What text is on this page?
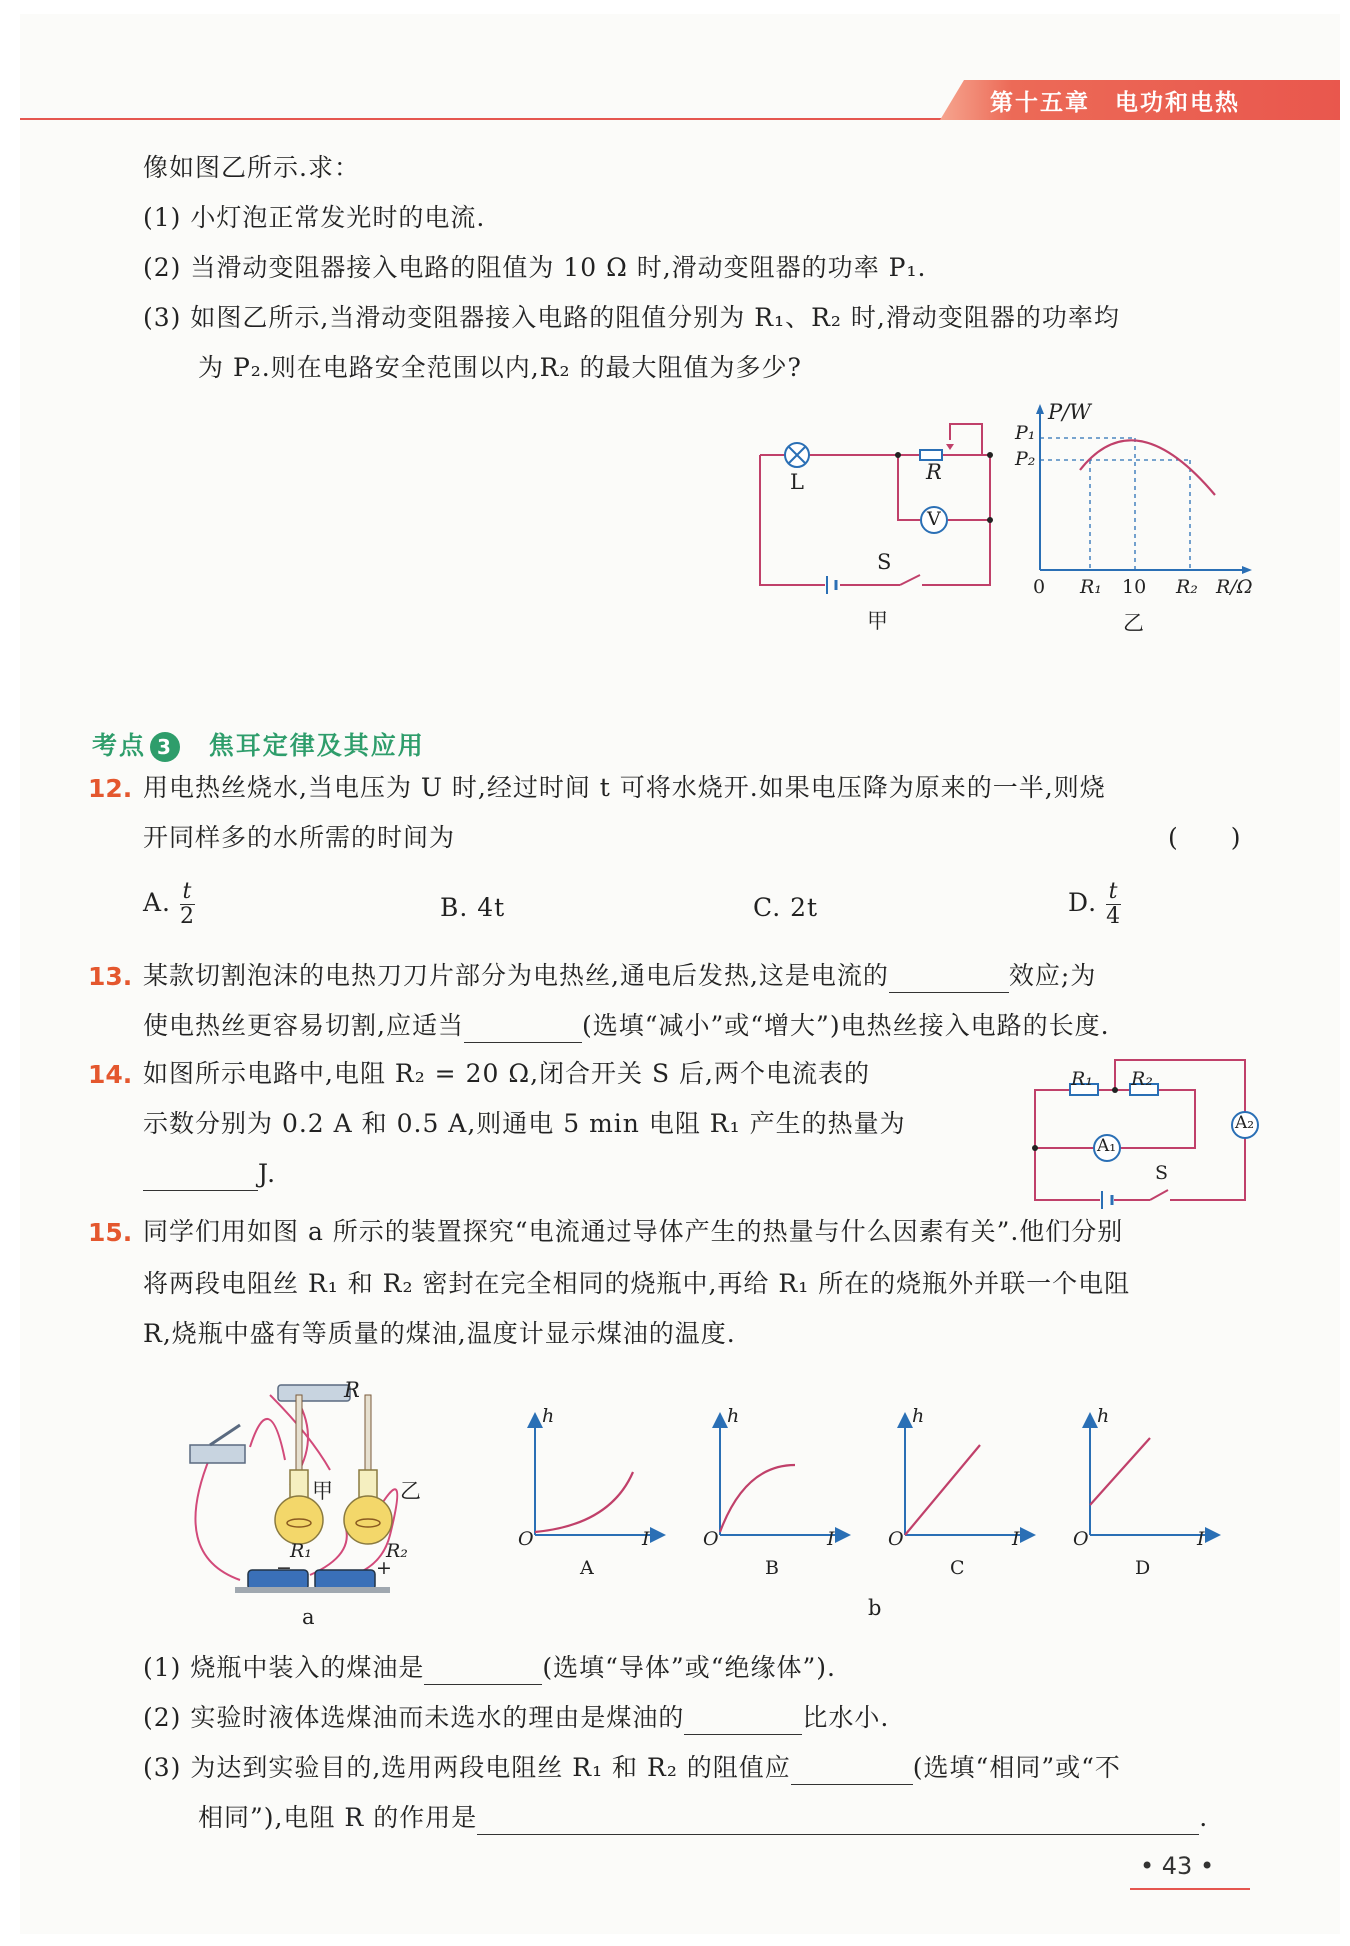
第十五章　电功和电热
像如图乙所示.求：
(1) 小灯泡正常发光时的电流.
(2) 当滑动变阻器接入电路的阻值为 10 Ω 时,滑动变阻器的功率 P₁.
(3) 如图乙所示,当滑动变阻器接入电路的阻值分别为 R₁、R₂ 时,滑动变阻器的功率均
为 P₂.则在电路安全范围以内,R₂ 的最大阻值为多少?
L	R
V
S
甲
P/W
P₁
P₂
0 R₁ 10 R₂ R/Ω
乙
考点 3 焦耳定律及其应用
12. 用电热丝烧水,当电压为 U 时,经过时间 t 可将水烧开.如果电压降为原来的一半,则烧
开同样多的水所需的时间为	(　　)
A. $\frac{t}{2}$	B. 4t	C. 2t	D. $\frac{t}{4}$
13. 某款切割泡沫的电热刀刀片部分为电热丝,通电后发热,这是电流的	效应;为
使电热丝更容易切割,应适当	(选填“减小”或“增大”)电热丝接入电路的长度.
14. 如图所示电路中,电阻 R₂ = 20 Ω,闭合开关 S 后,两个电流表的
示数分别为 0.2 A 和 0.5 A,则通电 5 min 电阻 R₁ 产生的热量为
J.
R₁ R₂
A₁
A₂
S
15. 同学们用如图 a 所示的装置探究“电流通过导体产生的热量与什么因素有关”.他们分别
将两段电阻丝 R₁ 和 R₂ 密封在完全相同的烧瓶中,再给 R₁ 所在的烧瓶外并联一个电阻
R,烧瓶中盛有等质量的煤油,温度计显示煤油的温度.
R
甲	乙
R₁	R₂
−	+
a
h
O	I
A
h
O	I
B
h
O	I
C
h
O	I
D
b
(1) 烧瓶中装入的煤油是	(选填“导体”或“绝缘体”).
(2) 实验时液体选煤油而未选水的理由是煤油的	比水小.
(3) 为达到实验目的,选用两段电阻丝 R₁ 和 R₂ 的阻值应	(选填“相同”或“不
相同”),电阻 R 的作用是	.
• 43 •
